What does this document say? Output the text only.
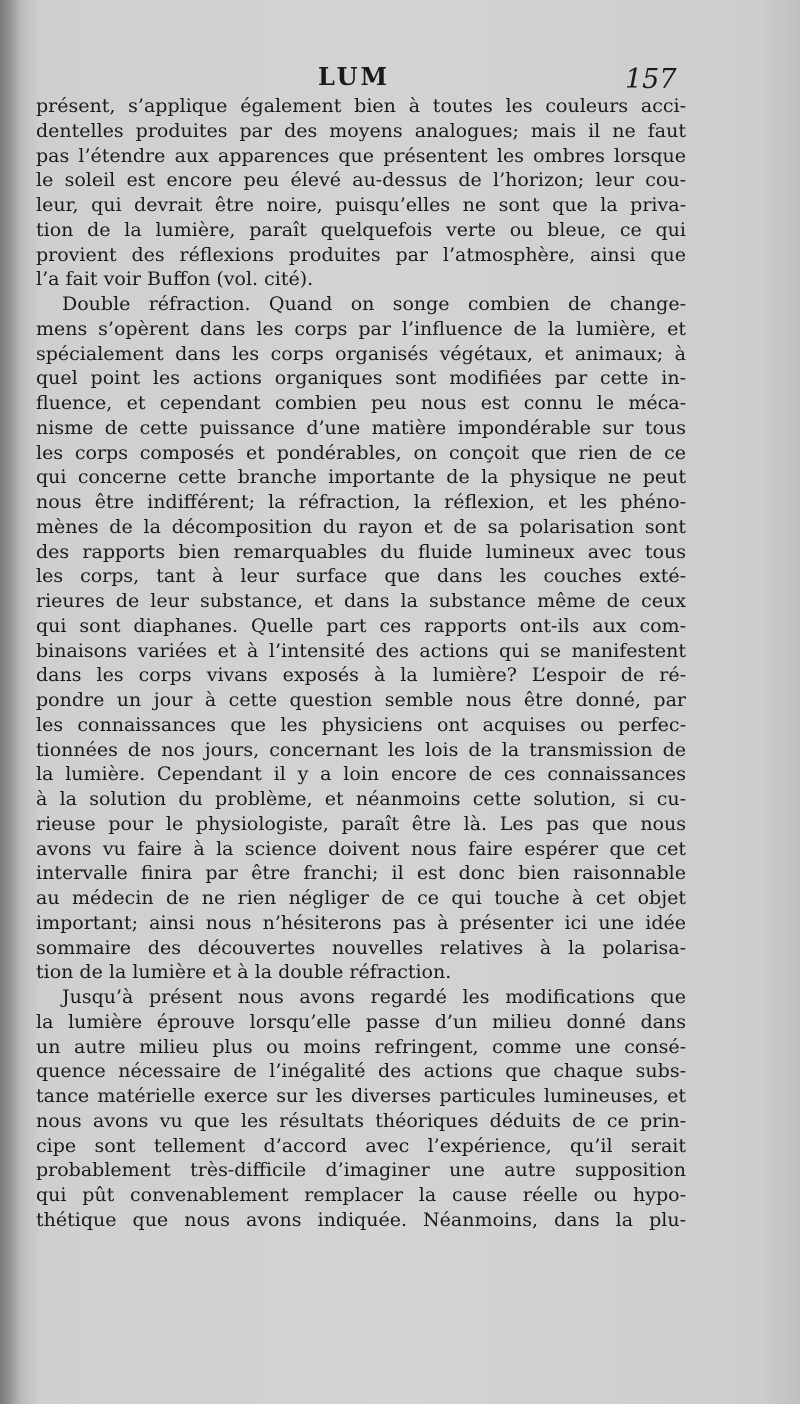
LUM	157
présent, s’applique également bien à toutes les couleurs acci-
dentelles produites par des moyens analogues; mais il ne faut
pas l’étendre aux apparences que présentent les ombres lorsque
le soleil est encore peu élevé au-dessus de l’horizon; leur cou-
leur, qui devrait être noire, puisqu’elles ne sont que la priva-
tion de la lumière, paraît quelquefois verte ou bleue, ce qui
provient des réflexions produites par l’atmosphère, ainsi que
l’a fait voir Buffon (vol. cité).
Double réfraction. Quand on songe combien de change-
mens s’opèrent dans les corps par l’influence de la lumière, et
spécialement dans les corps organisés végétaux, et animaux; à
quel point les actions organiques sont modifiées par cette in-
fluence, et cependant combien peu nous est connu le méca-
nisme de cette puissance d’une matière impondérable sur tous
les corps composés et pondérables, on conçoit que rien de ce
qui concerne cette branche importante de la physique ne peut
nous être indifférent; la réfraction, la réflexion, et les phéno-
mènes de la décomposition du rayon et de sa polarisation sont
des rapports bien remarquables du fluide lumineux avec tous
les corps, tant à leur surface que dans les couches exté-
rieures de leur substance, et dans la substance même de ceux
qui sont diaphanes. Quelle part ces rapports ont-ils aux com-
binaisons variées et à l’intensité des actions qui se manifestent
dans les corps vivans exposés à la lumière? L’espoir de ré-
pondre un jour à cette question semble nous être donné, par
les connaissances que les physiciens ont acquises ou perfec-
tionnées de nos jours, concernant les lois de la transmission de
la lumière. Cependant il y a loin encore de ces connaissances
à la solution du problème, et néanmoins cette solution, si cu-
rieuse pour le physiologiste, paraît être là. Les pas que nous
avons vu faire à la science doivent nous faire espérer que cet
intervalle finira par être franchi; il est donc bien raisonnable
au médecin de ne rien négliger de ce qui touche à cet objet
important; ainsi nous n’hésiterons pas à présenter ici une idée
sommaire des découvertes nouvelles relatives à la polarisa-
tion de la lumière et à la double réfraction.
Jusqu’à présent nous avons regardé les modifications que
la lumière éprouve lorsqu’elle passe d’un milieu donné dans
un autre milieu plus ou moins refringent, comme une consé-
quence nécessaire de l’inégalité des actions que chaque subs-
tance matérielle exerce sur les diverses particules lumineuses, et
nous avons vu que les résultats théoriques déduits de ce prin-
cipe sont tellement d’accord avec l’expérience, qu’il serait
probablement très-difficile d’imaginer une autre supposition
qui pût convenablement remplacer la cause réelle ou hypo-
thétique que nous avons indiquée. Néanmoins, dans la plu-
